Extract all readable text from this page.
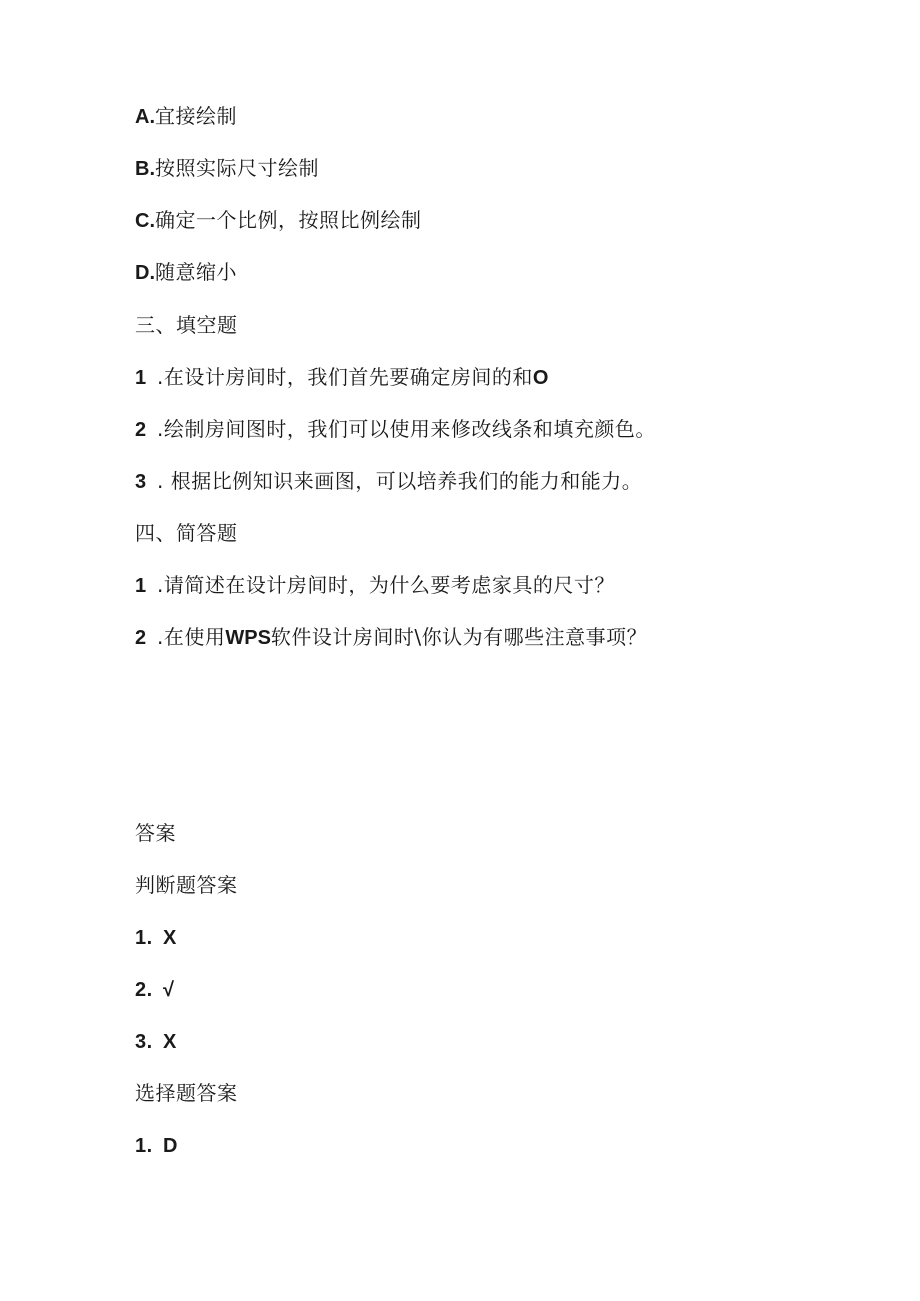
A.宜接绘制
B.按照实际尺寸绘制
C.确定一个比例，按照比例绘制
D.随意缩小
三、填空题
1 .在设计房间时，我们首先要确定房间的和O
2 .绘制房间图时，我们可以使用来修改线条和填充颜色。
3 . 根据比例知识来画图，可以培养我们的能力和能力。
四、简答题
1 .请简述在设计房间时，为什么要考虑家具的尺寸？
2 .在使用WPS软件设计房间时\你认为有哪些注意事项？
答案
判断题答案
1. X
2. √
3. X
选择题答案
1. D
